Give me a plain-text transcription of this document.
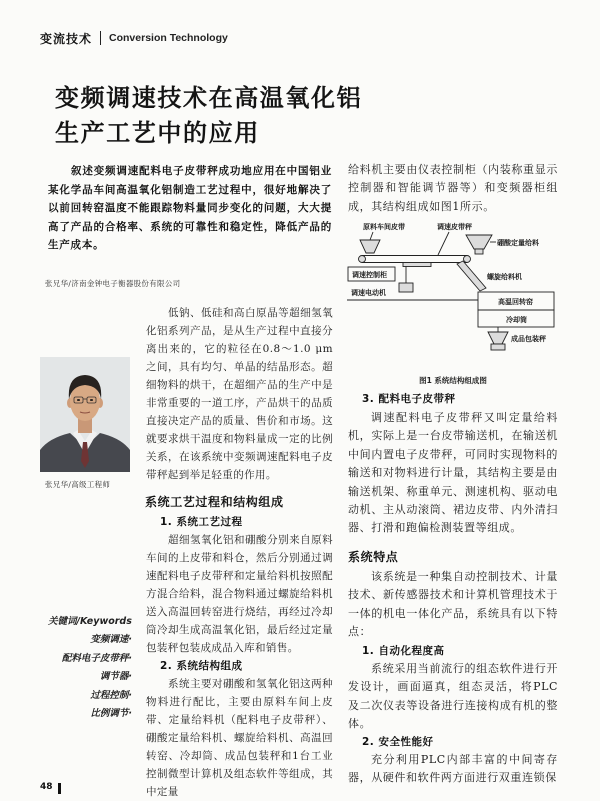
变流技术 Conversion Technology
变频调速技术在高温氧化铝
生产工艺中的应用

叙述变频调速配料电子皮带秤成功地应用在中国铝业某化学品车间高温氧化铝制造工艺过程中，很好地解决了以前回转窑温度不能跟踪物料量同步变化的问题，大大提高了产品的合格率、系统的可靠性和稳定性，降低产品的生产成本。

张兄华/济南金钟电子衡器股份有限公司
张兄华/高级工程师
关键词/Keywords
变频调速·
配料电子皮带秤·
调节器·
过程控制·
比例调节·

低钠、低硅和高白原晶等超细氢氧化铝系列产品，是从生产过程中直接分离出来的，它的粒径在0.8～1.0 μm之间，具有均匀、单晶的结晶形态。超细物料的烘干，在超细产品的生产中是非常重要的一道工序，产品烘干的品质直接决定产品的质量、售价和市场。这就要求烘干温度和物料量成一定的比例关系，在该系统中变频调速配料电子皮带秤起到举足轻重的作用。

系统工艺过程和结构组成
1. 系统工艺过程

超细氢氧化铝和硼酸分别来自原料车间的上皮带和料仓，然后分别通过调速配料电子皮带秤和定量给料机按照配方混合给料，混合物料通过螺旋给料机送入高温回转窑进行烧结，再经过冷却筒冷却生成高温氧化铝，最后经过定量包装秤包装成成品入库和销售。

2. 系统结构组成

系统主要对硼酸和氢氧化铝这两种物料进行配比，主要由原料车间上皮带、定量给料机（配料电子皮带秤）、硼酸定量给料机、螺旋给料机、高温回转窑、冷却筒、成品包装秤和1台工业控制微型计算机及组态软件等组成，其中定量

给料机主要由仪表控制柜（内装称重显示控制器和智能调节器等）和变频器柜组成，其结构组成如图1所示。

原料车间皮带	调速皮带秤
硼酸定量给料
调速控制柜	螺旋给料机
调速电动机
高温回转窑
冷却筒
成品包装秤
图1 系统结构组成图
3. 配料电子皮带秤

调速配料电子皮带秤又叫定量给料机，实际上是一台皮带输送机，在输送机中间内置电子皮带秤，可同时实现物料的输送和对物料进行计量，其结构主要是由输送机架、称重单元、测速机构、驱动电动机、主从动滚筒、裙边皮带、内外清扫器、打滑和跑偏检测装置等组成。

系统特点

该系统是一种集自动控制技术、计量技术、新传感器技术和计算机管理技术于一体的机电一体化产品，系统具有以下特点：

1. 自动化程度高

系统采用当前流行的组态软件进行开发设计，画面逼真，组态灵活，将PLC及二次仪表等设备进行连接构成有机的整体。

2. 安全性能好

充分利用PLC内部丰富的中间寄存器，从硬件和软件两方面进行双重连锁保

48
